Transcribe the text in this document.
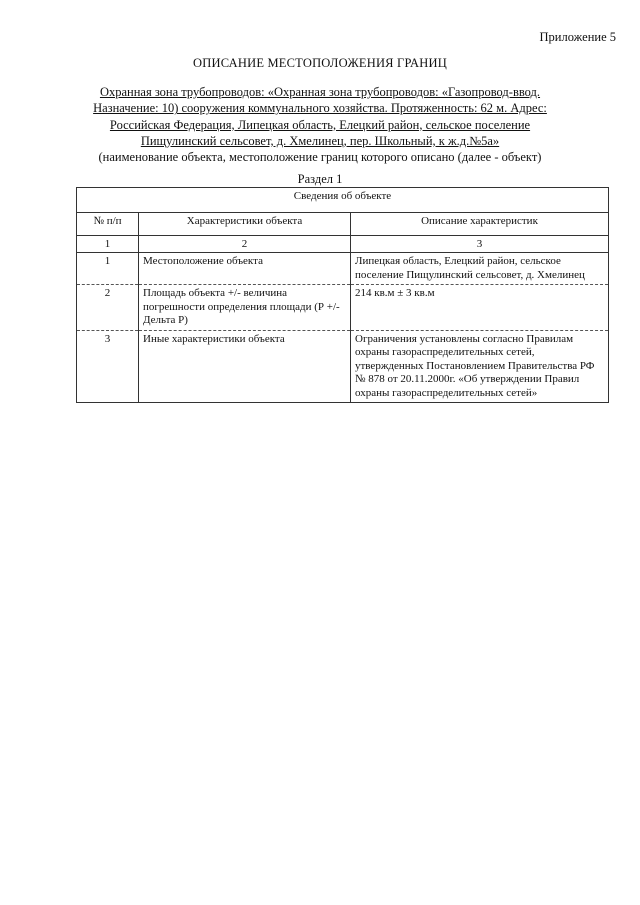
Приложение 5
ОПИСАНИЕ МЕСТОПОЛОЖЕНИЯ ГРАНИЦ
Охранная зона трубопроводов: «Охранная зона трубопроводов: «Газопровод-ввод. Назначение: 10) сооружения коммунального хозяйства. Протяженность: 62 м. Адрес: Российская Федерация, Липецкая область, Елецкий район, сельское поселение Пищулинский сельсовет, д. Хмелинец, пер. Школьный, к ж.д.№5а»
(наименование объекта, местоположение границ которого описано (далее - объект)
Раздел 1
Сведения об объекте		
№ п/п	Характеристики объекта	Описание характеристик
1	2	3
1	Местоположение объекта	Липецкая область, Елецкий район, сельское поселение Пищулинский сельсовет, д. Хмелинец
2	Площадь объекта +/- величина погрешности определения площади (Р +/- Дельта Р)	214 кв.м ± 3 кв.м
3	Иные характеристики объекта	Ограничения установлены согласно Правилам охраны газораспределительных сетей, утвержденных Постановлением Правительства РФ № 878 от 20.11.2000г. «Об утверждении Правил охраны газораспределительных сетей»
